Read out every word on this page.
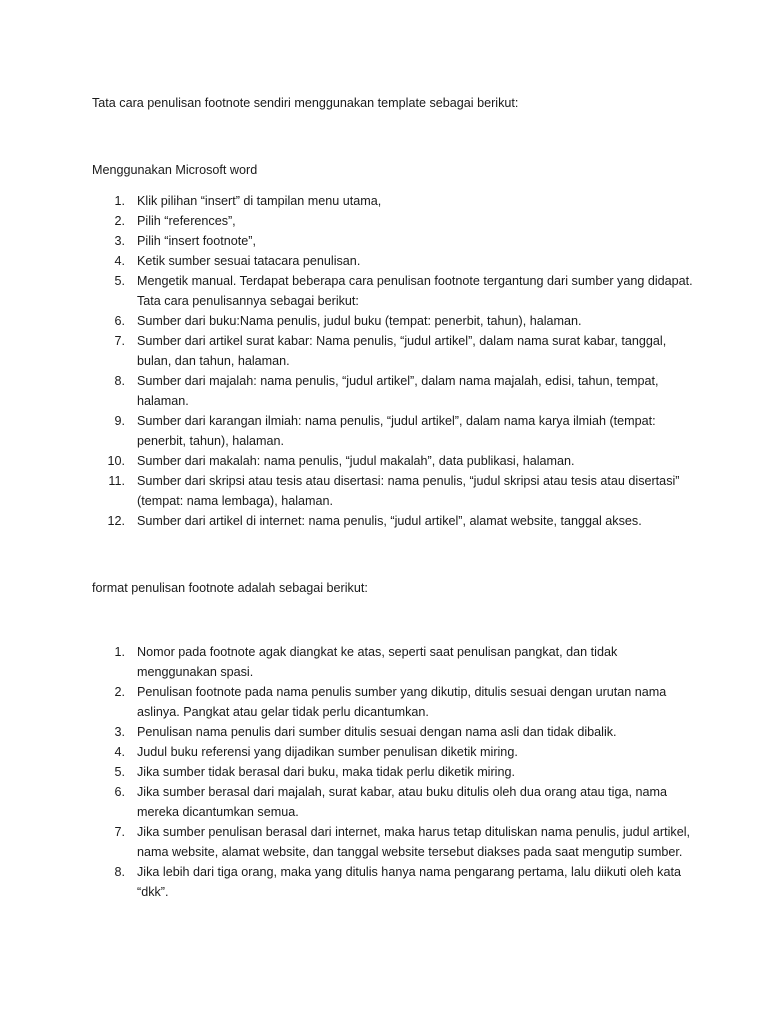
Tata cara penulisan footnote sendiri menggunakan template sebagai berikut:
Menggunakan Microsoft word
1. Klik pilihan “insert” di tampilan menu utama,
2. Pilih “references”,
3. Pilih “insert footnote”,
4. Ketik sumber sesuai tatacara penulisan.
5. Mengetik manual. Terdapat beberapa cara penulisan footnote tergantung dari sumber yang didapat. Tata cara penulisannya sebagai berikut:
6. Sumber dari buku:Nama penulis, judul buku (tempat: penerbit, tahun), halaman.
7. Sumber dari artikel surat kabar: Nama penulis, “judul artikel”, dalam nama surat kabar, tanggal, bulan, dan tahun, halaman.
8. Sumber dari majalah: nama penulis, “judul artikel”, dalam nama majalah, edisi, tahun, tempat, halaman.
9. Sumber dari karangan ilmiah: nama penulis, “judul artikel”, dalam nama karya ilmiah (tempat: penerbit, tahun), halaman.
10. Sumber dari makalah: nama penulis, “judul makalah”, data publikasi, halaman.
11. Sumber dari skripsi atau tesis atau disertasi: nama penulis, “judul skripsi atau tesis atau disertasi” (tempat: nama lembaga), halaman.
12. Sumber dari artikel di internet: nama penulis, “judul artikel”, alamat website, tanggal akses.
format penulisan footnote adalah sebagai berikut:
1. Nomor pada footnote agak diangkat ke atas, seperti saat penulisan pangkat, dan tidak menggunakan spasi.
2. Penulisan footnote pada nama penulis sumber yang dikutip, ditulis sesuai dengan urutan nama aslinya. Pangkat atau gelar tidak perlu dicantumkan.
3. Penulisan nama penulis dari sumber ditulis sesuai dengan nama asli dan tidak dibalik.
4. Judul buku referensi yang dijadikan sumber penulisan diketik miring.
5. Jika sumber tidak berasal dari buku, maka tidak perlu diketik miring.
6. Jika sumber berasal dari majalah, surat kabar, atau buku ditulis oleh dua orang atau tiga, nama mereka dicantumkan semua.
7. Jika sumber penulisan berasal dari internet, maka harus tetap dituliskan nama penulis, judul artikel, nama website, alamat website, dan tanggal website tersebut diakses pada saat mengutip sumber.
8. Jika lebih dari tiga orang, maka yang ditulis hanya nama pengarang pertama, lalu diikuti oleh kata “dkk”.
